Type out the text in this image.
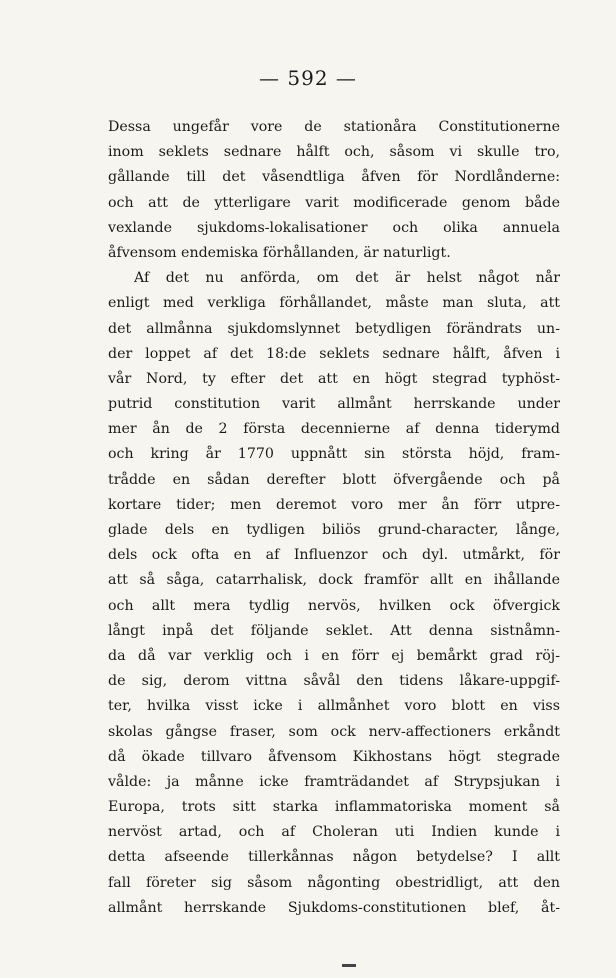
— 592 —
Dessa ungefår vore de stationåra Constitutionerne
inom seklets sednare hålft och, såsom vi skulle tro,
gållande till det våsendtliga åfven för Nordlånderne:
och att de ytterligare varit modificerade genom både
vexlande sjukdoms-lokalisationer och olika annuela
åfvensom endemiska förhållanden, är naturligt.
Af det nu anförda, om det är helst något når
enligt med verkliga förhållandet, måste man sluta, att
det allmånna sjukdomslynnet betydligen förändrats un-
der loppet af det 18:de seklets sednare hålft, åfven i
vår Nord, ty efter det att en högt stegrad typhöst-
putrid constitution varit allmånt herrskande under
mer ån de 2 första decennierne af denna tiderymd
och kring år 1770 uppnått sin största höjd, fram-
trådde en sådan derefter blott öfvergående och på
kortare tider; men deremot voro mer ån förr utpre-
glade dels en tydligen biliös grund-character, långe,
dels ock ofta en af Influenzor och dyl. utmårkt, för
att så såga, catarrhalisk, dock framför allt en ihållande
och allt mera tydlig nervös, hvilken ock öfvergick
långt inpå det följande seklet. Att denna sistnåmn-
da då var verklig och i en förr ej bemårkt grad röj-
de sig, derom vittna såvål den tidens låkare-uppgif-
ter, hvilka visst icke i allmånhet voro blott en viss
skolas gångse fraser, som ock nerv-affectioners erkåndt
då ökade tillvaro åfvensom Kikhostans högt stegrade
vålde: ja månne icke framträdandet af Strypsjukan i
Europa, trots sitt starka inflammatoriska moment så
nervöst artad, och af Choleran uti Indien kunde i
detta afseende tillerkånnas någon betydelse? I allt
fall företer sig såsom någonting obestridligt, att den
allmånt herrskande Sjukdoms-constitutionen blef, åt-
